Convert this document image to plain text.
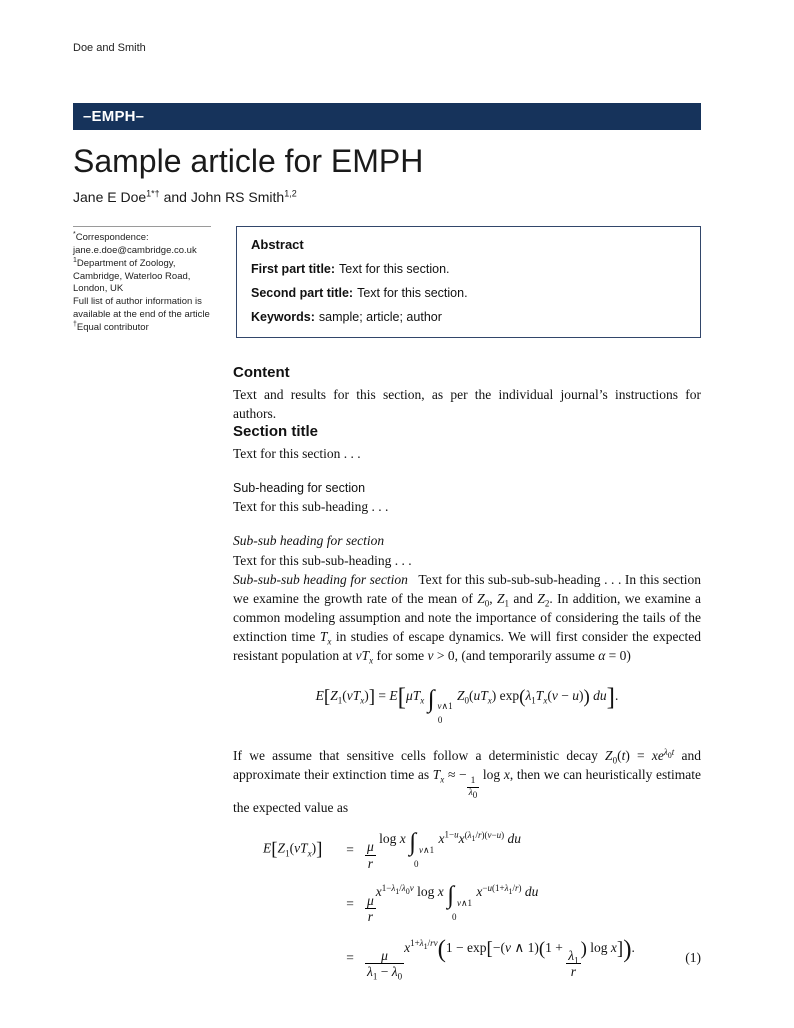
Doe and Smith
–EMPH–
Sample article for EMPH
Jane E Doe$^{1*\dagger}$ and John RS Smith$^{1,2}$
*Correspondence:
jane.e.doe@cambridge.co.uk
$^1$Department of Zoology,
Cambridge, Waterloo Road,
London, UK
Full list of author information is
available at the end of the article
†Equal contributor
Abstract
First part title: Text for this section.
Second part title: Text for this section.
Keywords: sample; article; author
Content

Text and results for this section, as per the individual journal’s instructions for authors.

Section title

Text for this section . . .

Sub-heading for section

Text for this sub-heading . . .

Sub-sub heading for section

Text for this sub-sub-heading . . .

Sub-sub-sub heading for section   Text for this sub-sub-sub-heading . . . In this section we examine the growth rate of the mean of $Z_0$, $Z_1$ and $Z_2$. In addition, we examine a common modeling assumption and note the importance of considering the tails of the extinction time $T_x$ in studies of escape dynamics. We will first consider the expected resistant population at $vT_x$ for some v > 0, (and temporarily assume α = 0)

$E[Z_1(vT_x)] = E[\mu T_x$ ∫ v∧1
0
$Z_0(uT_x) \exp(\lambda_1T_x(v - u))$ du].

If we assume that sensitive cells follow a deterministic decay $Z_0(t) = xe^{\lambda_0t}$ and approximate their extinction time as $T_x$ ≈ −
$\frac{1}{\lambda_0}$
log x, then we can heuristically estimate the expected value as

$E[Z_1(vT_x)]$	= $\frac{\mu}{r}$
log x ∫ v∧1
0
$x^{1-u}x^{(\lambda_1/r)(v-u)}$ du
= $\frac{\mu}{r}$
$x^{1-\lambda_1/\lambda_0v}$ log x ∫ v∧1
0
$x^{-u(1+\lambda_1/r)}$ du
= $\frac{\mu}{\lambda_1 - \lambda_0}$
$x^{1+\lambda_1/rv}(1 - \exp[-(v$ ∧ 1)(1 +
$\frac{\lambda_1}{r}$ ) log x]).
(1)
